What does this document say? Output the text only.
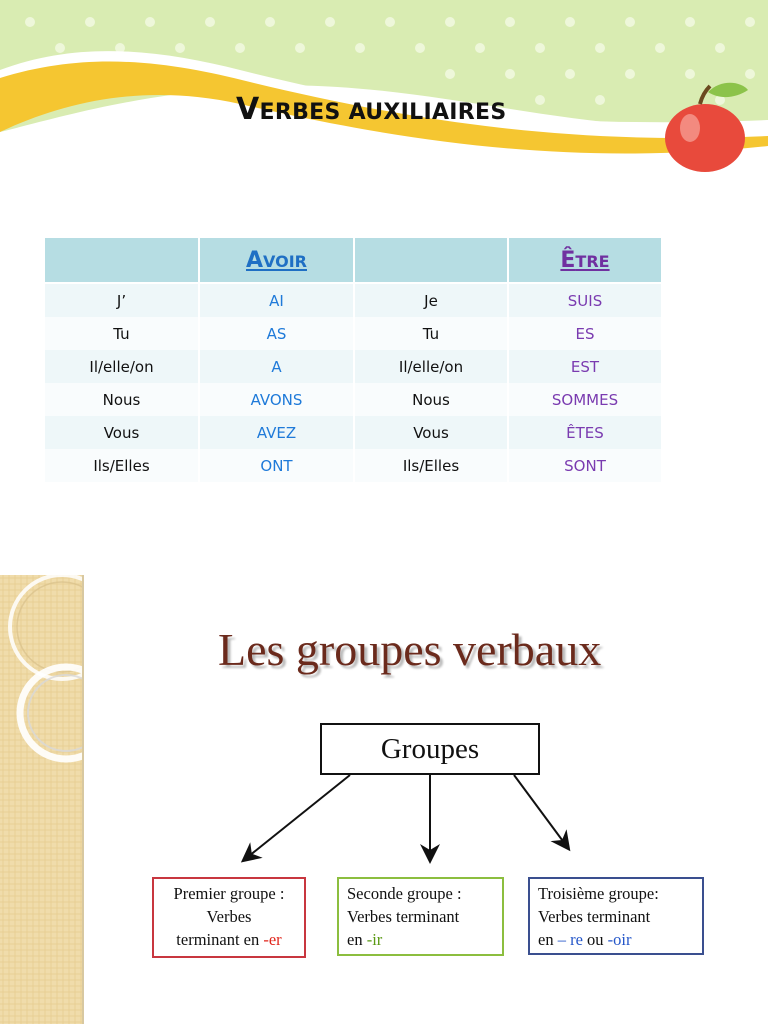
VERBES AUXILIAIRES
	AVOIR		ÊTRE
J’	AI	Je	SUIS
Tu	AS	Tu	ES
Il/elle/on	A	Il/elle/on	EST
Nous	AVONS	Nous	SOMMES
Vous	AVEZ	Vous	ÊTES
Ils/Elles	ONT	Ils/Elles	SONT
Les groupes verbaux
Groupes
Premier groupe :
Verbes
terminant en -er
Seconde groupe :
Verbes terminant
en -ir
Troisième groupe:
Verbes terminant
en – re ou -oir
